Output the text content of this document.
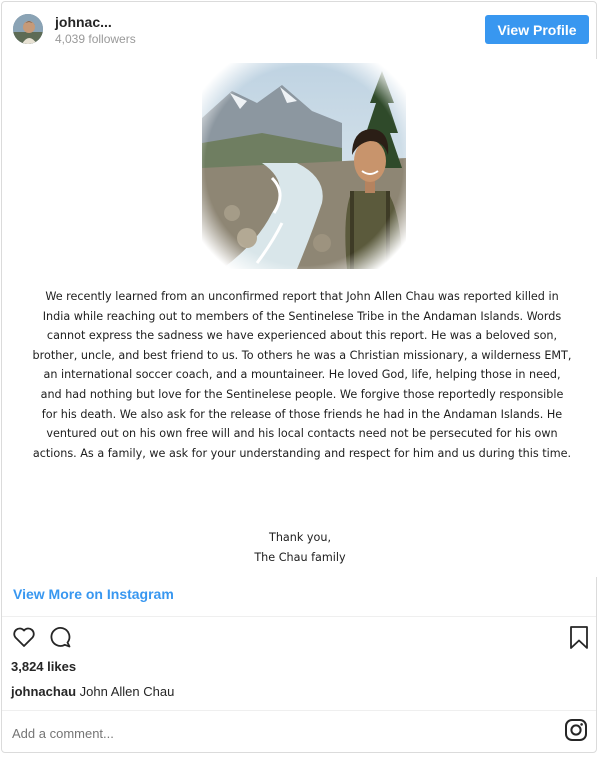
johnac...
4,039 followers
View Profile
We recently learned from an unconfirmed report that John Allen Chau was reported killed in India while reaching out to members of the Sentinelese Tribe in the Andaman Islands. Words cannot express the sadness we have experienced about this report. He was a beloved son, brother, uncle, and best friend to us. To others he was a Christian missionary, a wilderness EMT, an international soccer coach, and a mountaineer. He loved God, life, helping those in need, and had nothing but love for the Sentinelese people. We forgive those reportedly responsible for his death. We also ask for the release of those friends he had in the Andaman Islands. He ventured out on his own free will and his local contacts need not be persecuted for his own actions. As a family, we ask for your understanding and respect for him and us during this time.
Thank you,
The Chau family
View More on Instagram
3,824 likes
johnachau John Allen Chau
Add a comment...
